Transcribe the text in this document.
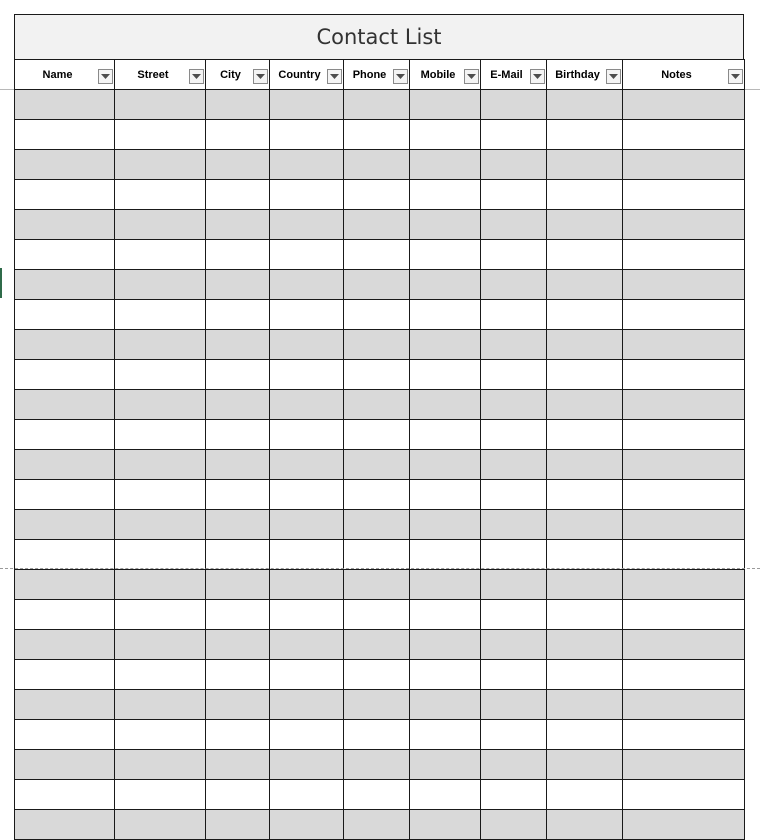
Contact List
Name	Street	City	Country	Phone	Mobile	E-Mail	Birthday	Notes
